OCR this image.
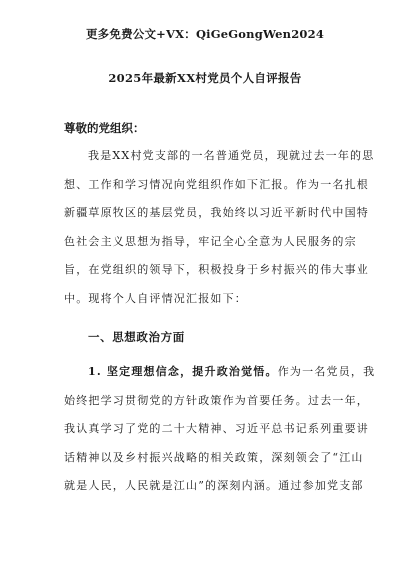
更多免费公文+VX：QiGeGongWen2024
2025年最新XX村党员个人自评报告
尊敬的党组织：
我是XX村党支部的一名普通党员，现就过去一年的思
想、工作和学习情况向党组织作如下汇报。作为一名扎根
新疆草原牧区的基层党员，我始终以习近平新时代中国特
色社会主义思想为指导，牢记全心全意为人民服务的宗
旨，在党组织的领导下，积极投身于乡村振兴的伟大事业
中。现将个人自评情况汇报如下：
一、思想政治方面
1. 坚定理想信念，提升政治觉悟。作为一名党员，我
始终把学习贯彻党的方针政策作为首要任务。过去一年，
我认真学习了党的二十大精神、习近平总书记系列重要讲
话精神以及乡村振兴战略的相关政策，深刻领会了“江山
就是人民，人民就是江山”的深刻内涵。通过参加党支部
